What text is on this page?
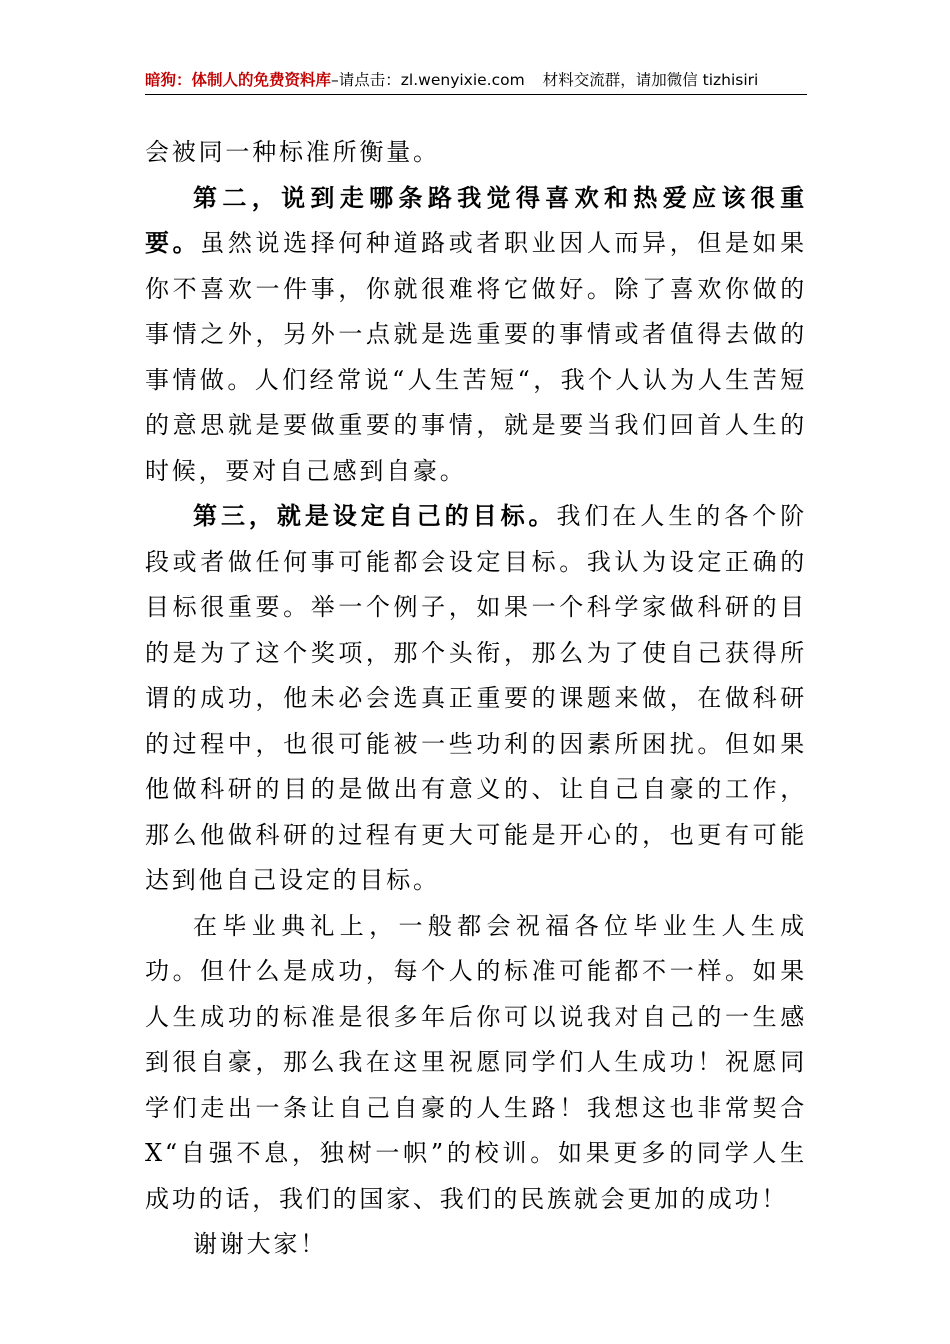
暗狗：体制人的免费资料库–请点击：zl.wenyixie.com 材料交流群，请加微信 tizhisiri

会被同一种标准所衡量。

第二，说到走哪条路我觉得喜欢和热爱应该很重要。虽然说选择何种道路或者职业因人而异，但是如果你不喜欢一件事，你就很难将它做好。除了喜欢你做的事情之外，另外一点就是选重要的事情或者值得去做的事情做。人们经常说“人生苦短“，我个人认为人生苦短的意思就是要做重要的事情，就是要当我们回首人生的时候，要对自己感到自豪。

第三，就是设定自己的目标。我们在人生的各个阶段或者做任何事可能都会设定目标。我认为设定正确的目标很重要。举一个例子，如果一个科学家做科研的目的是为了这个奖项，那个头衔，那么为了使自己获得所谓的成功，他未必会选真正重要的课题来做，在做科研的过程中，也很可能被一些功利的因素所困扰。但如果他做科研的目的是做出有意义的、让自己自豪的工作，那么他做科研的过程有更大可能是开心的，也更有可能达到他自己设定的目标。

在毕业典礼上，一般都会祝福各位毕业生人生成功。但什么是成功，每个人的标准可能都不一样。如果人生成功的标准是很多年后你可以说我对自己的一生感到很自豪，那么我在这里祝愿同学们人生成功！祝愿同学们走出一条让自己自豪的人生路！我想这也非常契合 X“自强不息，独树一帜”的校训。如果更多的同学人生成功的话，我们的国家、我们的民族就会更加的成功！

谢谢大家！
